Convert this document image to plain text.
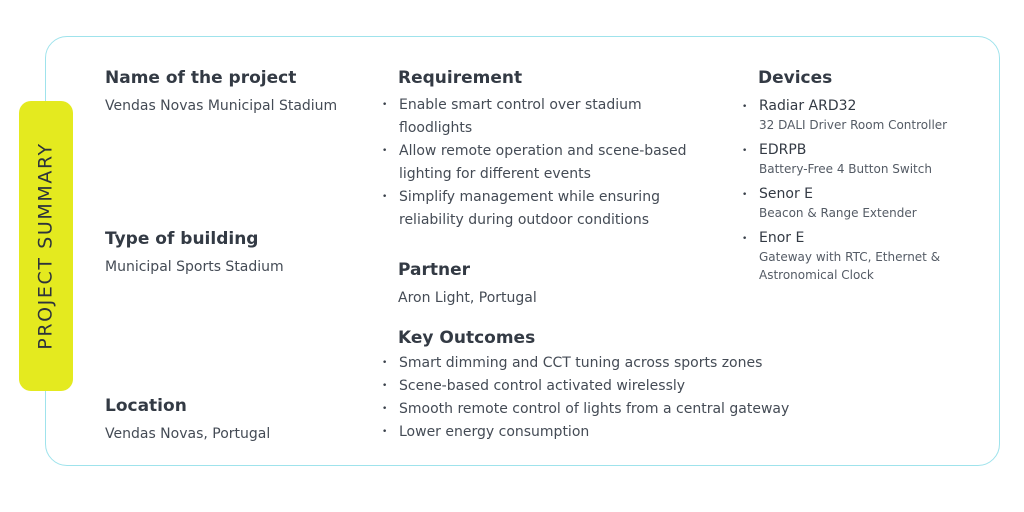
PROJECT SUMMARY
Name of the project
Vendas Novas Municipal Stadium
Type of building
Municipal Sports Stadium
Location
Vendas Novas, Portugal
Requirement
• Enable smart control over stadium
floodlights
• Allow remote operation and scene-based
lighting for different events
• Simplify management while ensuring
reliability during outdoor conditions
Partner
Aron Light, Portugal
Key Outcomes
• Smart dimming and CCT tuning across sports zones
• Scene-based control activated wirelessly
• Smooth remote control of lights from a central gateway
• Lower energy consumption
Devices
• Radiar ARD32
32 DALI Driver Room Controller
• EDRPB
Battery-Free 4 Button Switch
• Senor E
Beacon & Range Extender
• Enor E
Gateway with RTC, Ethernet &
Astronomical Clock
